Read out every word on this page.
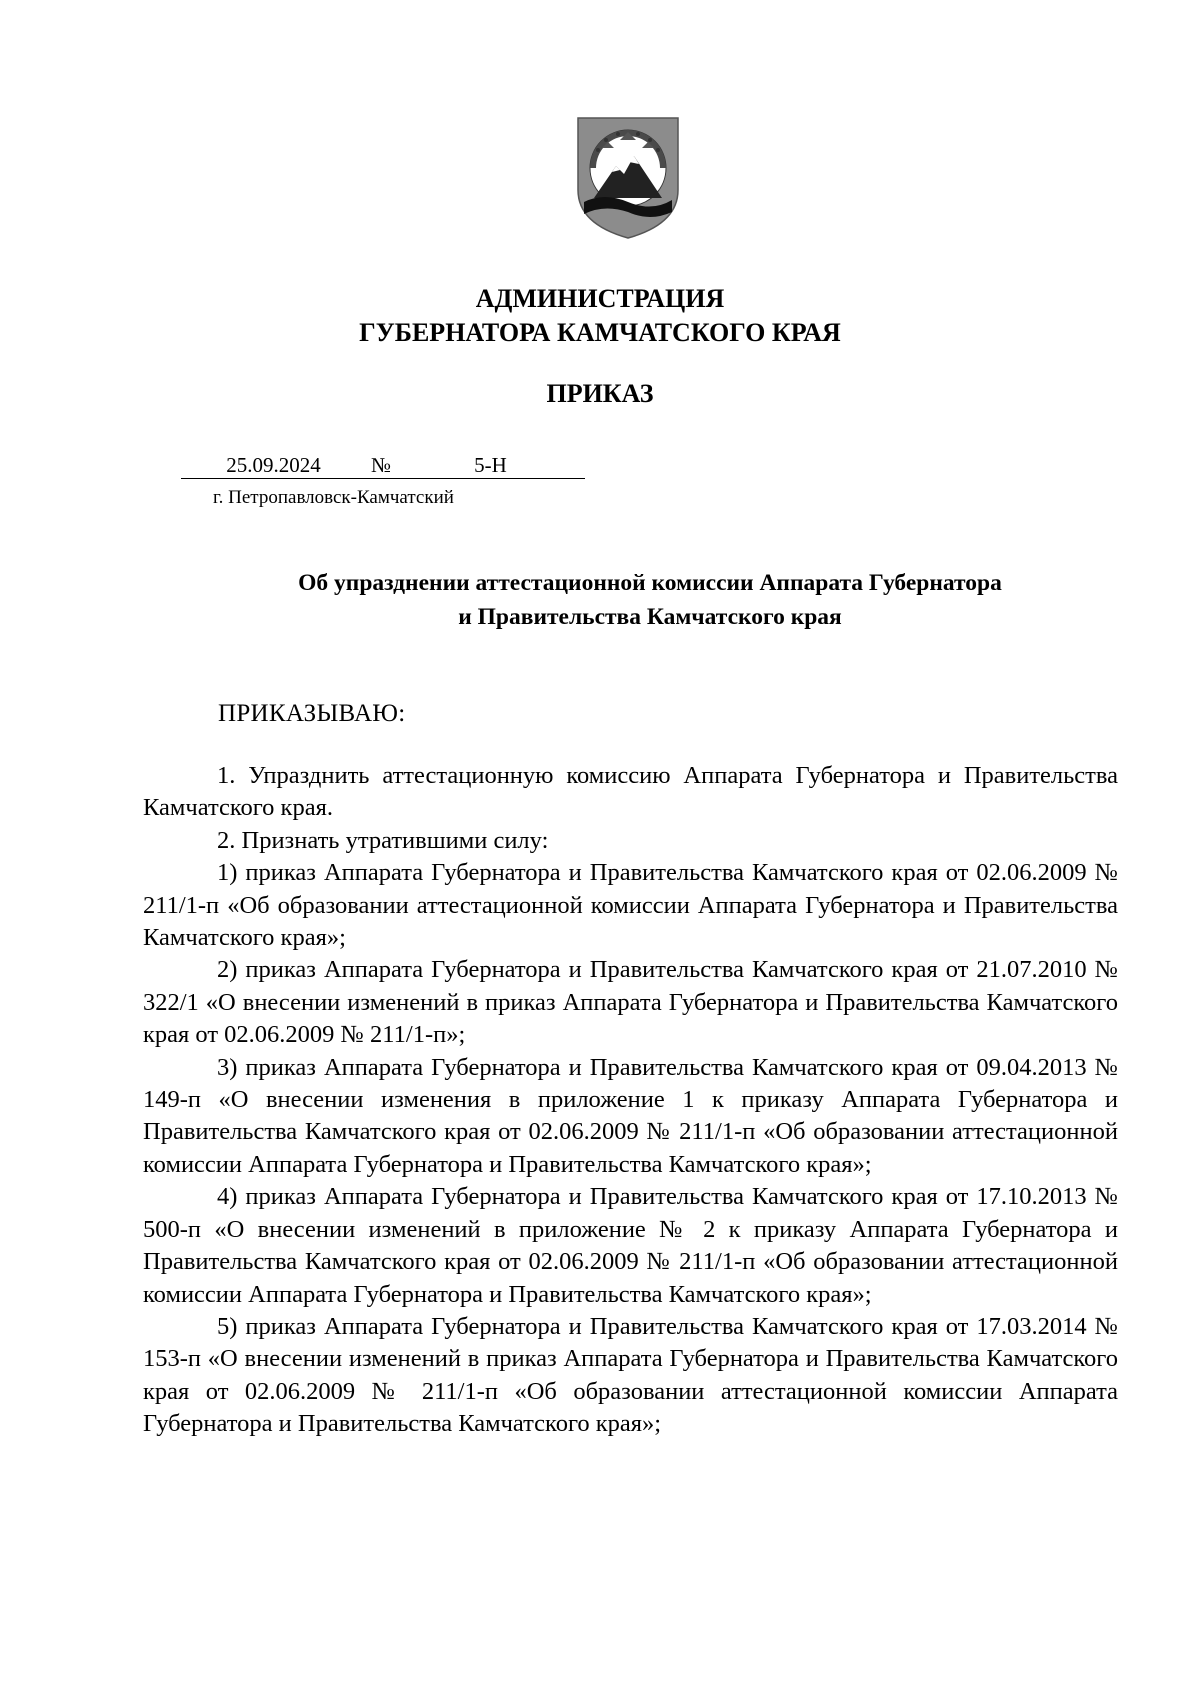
АДМИНИСТРАЦИЯ
ГУБЕРНАТОРА КАМЧАТСКОГО КРАЯ
ПРИКАЗ
25.09.2024	№	5-Н
г. Петропавловск-Камчатский
Об упразднении аттестационной комиссии Аппарата Губернатора
и Правительства Камчатского края
ПРИКАЗЫВАЮ:

1. Упразднить аттестационную комиссию Аппарата Губернатора и Правительства Камчатского края.

2. Признать утратившими силу:

1) приказ Аппарата Губернатора и Правительства Камчатского края от 02.06.2009 № 211/1-п «Об образовании аттестационной комиссии Аппарата Губернатора и Правительства Камчатского края»;

2) приказ Аппарата Губернатора и Правительства Камчатского края от 21.07.2010 № 322/1 «О внесении изменений в приказ Аппарата Губернатора и Правительства Камчатского края от 02.06.2009 № 211/1-п»;

3) приказ Аппарата Губернатора и Правительства Камчатского края от 09.04.2013 № 149-п «О внесении изменения в приложение 1 к приказу Аппарата Губернатора и Правительства Камчатского края от 02.06.2009 № 211/1-п «Об образовании аттестационной комиссии Аппарата Губернатора и Правительства Камчатского края»;

4) приказ Аппарата Губернатора и Правительства Камчатского края от 17.10.2013 № 500-п «О внесении изменений в приложение № 2 к приказу Аппарата Губернатора и Правительства Камчатского края от 02.06.2009 № 211/1-п «Об образовании аттестационной комиссии Аппарата Губернатора и Правительства Камчатского края»;

5) приказ Аппарата Губернатора и Правительства Камчатского края от 17.03.2014 № 153-п «О внесении изменений в приказ Аппарата Губернатора и Правительства Камчатского края от 02.06.2009 № 211/1-п «Об образовании аттестационной комиссии Аппарата Губернатора и Правительства Камчатского края»;
